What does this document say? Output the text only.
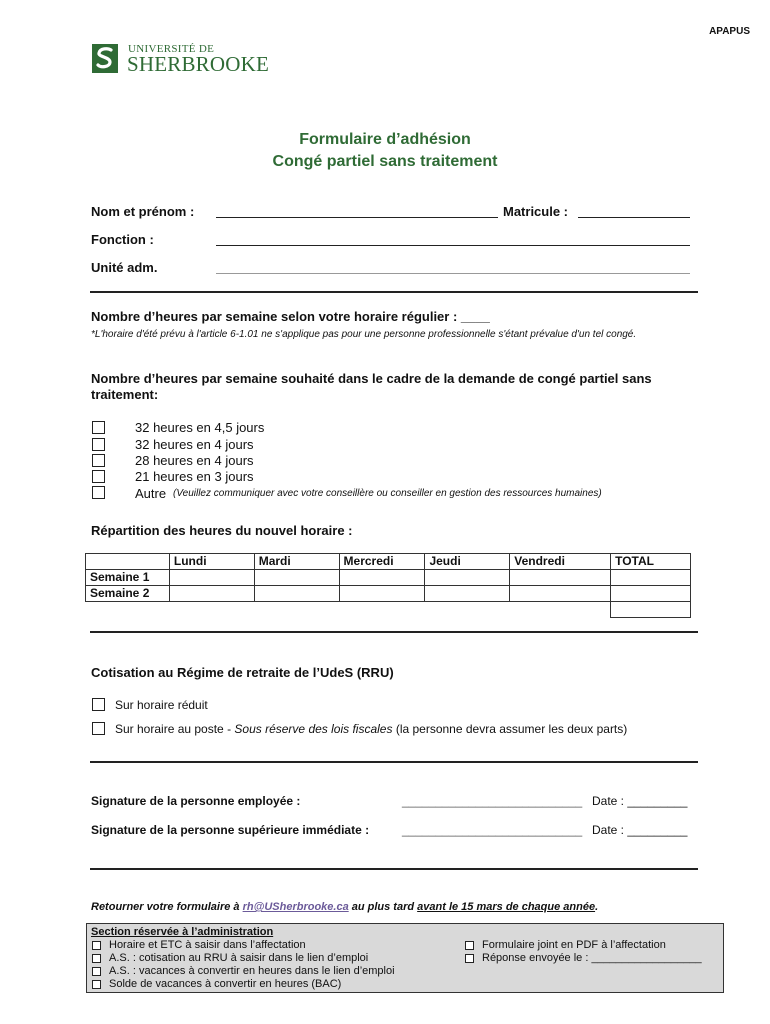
APAPUS
UNIVERSITÉ DE
SHERBROOKE
Formulaire d’adhésion
Congé partiel sans traitement
Nom et prénom :	Matricule :
Fonction :
Unité adm.
Nombre d’heures par semaine selon votre horaire régulier : ____
*L'horaire d'été prévu à l'article 6-1.01 ne s'applique pas pour une personne professionnelle s'étant prévalue d'un tel congé.
Nombre d’heures par semaine souhaité dans le cadre de la demande de congé partiel sans traitement:
32 heures en 4,5 jours
32 heures en 4 jours
28 heures en 4 jours
21 heures en 3 jours
Autre (Veuillez communiquer avec votre conseillère ou conseiller en gestion des ressources humaines)
Répartition des heures du nouvel horaire :
	Lundi	Mardi	Mercredi	Jeudi	Vendredi	TOTAL
Semaine 1						
Semaine 2						

Cotisation au Régime de retraite de l’UdeS (RRU)
Sur horaire réduit
Sur horaire au poste - Sous réserve des lois fiscales (la personne devra assumer les deux parts)
Signature de la personne employée :	___________________________ Date : _________
Signature de la personne supérieure immédiate :	___________________________ Date : _________
Retourner votre formulaire à rh@USherbrooke.ca au plus tard avant le 15 mars de chaque année.
Section réservée à l’administration
Horaire et ETC à saisir dans l’affectation
A.S. : cotisation au RRU à saisir dans le lien d’emploi
A.S. : vacances à convertir en heures dans le lien d’emploi
Solde de vacances à convertir en heures (BAC)
Formulaire joint en PDF à l’affectation
Réponse envoyée le : __________________
